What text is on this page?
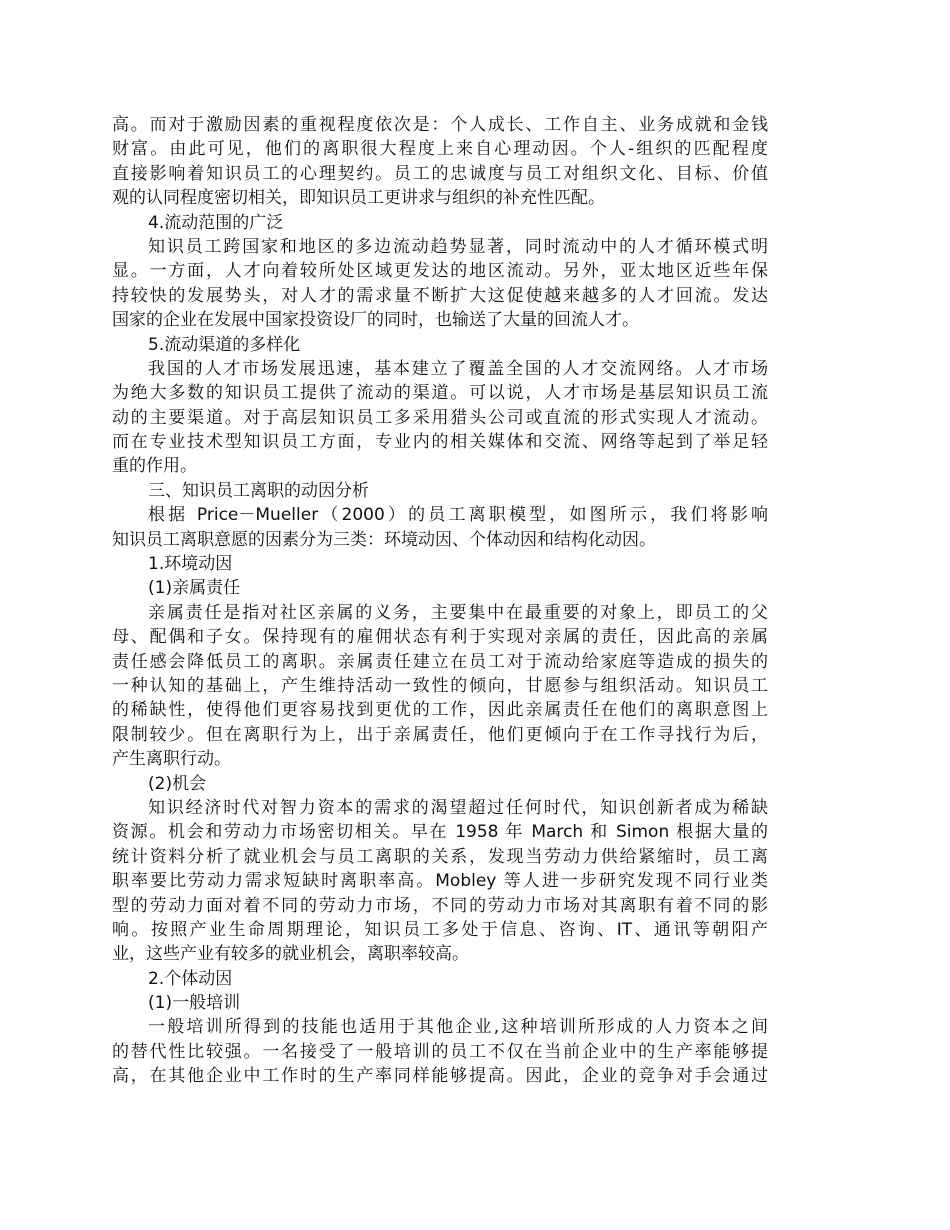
高。而对于激励因素的重视程度依次是：个人成长、工作自主、业务成就和金钱
财富。由此可见，他们的离职很大程度上来自心理动因。个人-组织的匹配程度
直接影响着知识员工的心理契约。员工的忠诚度与员工对组织文化、目标、价值
观的认同程度密切相关，即知识员工更讲求与组织的补充性匹配。
4.流动范围的广泛
知识员工跨国家和地区的多边流动趋势显著，同时流动中的人才循环模式明
显。一方面，人才向着较所处区域更发达的地区流动。另外，亚太地区近些年保
持较快的发展势头，对人才的需求量不断扩大这促使越来越多的人才回流。发达
国家的企业在发展中国家投资设厂的同时，也输送了大量的回流人才。
5.流动渠道的多样化
我国的人才市场发展迅速，基本建立了覆盖全国的人才交流网络。人才市场
为绝大多数的知识员工提供了流动的渠道。可以说，人才市场是基层知识员工流
动的主要渠道。对于高层知识员工多采用猎头公司或直流的形式实现人才流动。
而在专业技术型知识员工方面，专业内的相关媒体和交流、网络等起到了举足轻
重的作用。
三、知识员工离职的动因分析
根据 Price－Mueller（2000）的员工离职模型，如图所示，我们将影响
知识员工离职意愿的因素分为三类：环境动因、个体动因和结构化动因。
1.环境动因
(1)亲属责任
亲属责任是指对社区亲属的义务，主要集中在最重要的对象上，即员工的父
母、配偶和子女。保持现有的雇佣状态有利于实现对亲属的责任，因此高的亲属
责任感会降低员工的离职。亲属责任建立在员工对于流动给家庭等造成的损失的
一种认知的基础上，产生维持活动一致性的倾向，甘愿参与组织活动。知识员工
的稀缺性，使得他们更容易找到更优的工作，因此亲属责任在他们的离职意图上
限制较少。但在离职行为上，出于亲属责任，他们更倾向于在工作寻找行为后，
产生离职行动。
(2)机会
知识经济时代对智力资本的需求的渴望超过任何时代，知识创新者成为稀缺
资源。机会和劳动力市场密切相关。早在 1958 年 March 和 Simon 根据大量的
统计资料分析了就业机会与员工离职的关系，发现当劳动力供给紧缩时，员工离
职率要比劳动力需求短缺时离职率高。Mobley 等人进一步研究发现不同行业类
型的劳动力面对着不同的劳动力市场，不同的劳动力市场对其离职有着不同的影
响。按照产业生命周期理论，知识员工多处于信息、咨询、IT、通讯等朝阳产
业，这些产业有较多的就业机会，离职率较高。
2.个体动因
(1)一般培训
一般培训所得到的技能也适用于其他企业,这种培训所形成的人力资本之间
的替代性比较强。一名接受了一般培训的员工不仅在当前企业中的生产率能够提
高，在其他企业中工作时的生产率同样能够提高。因此，企业的竞争对手会通过
